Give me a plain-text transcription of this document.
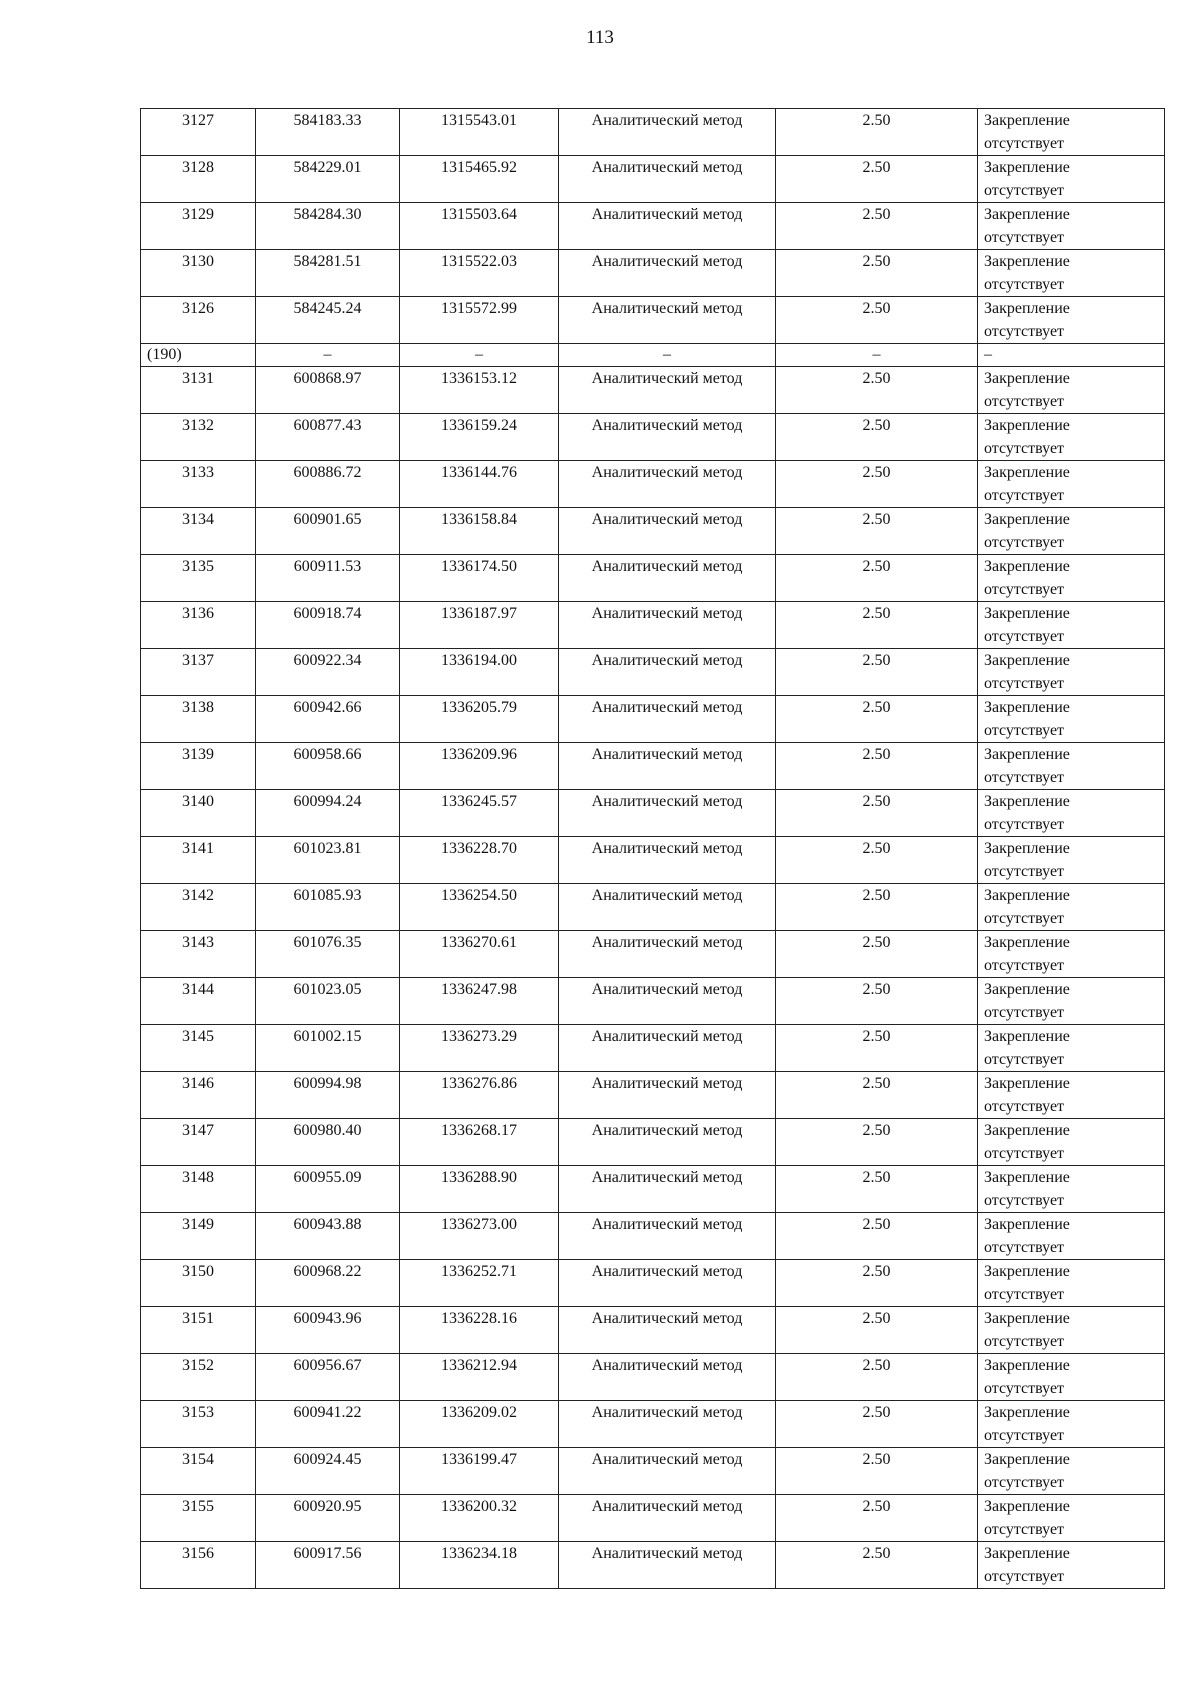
113
3127	584183.33	1315543.01	Аналитический метод	2.50	Закрепление
отсутствует

3128	584229.01	1315465.92	Аналитический метод	2.50	Закрепление
отсутствует

3129	584284.30	1315503.64	Аналитический метод	2.50	Закрепление
отсутствует

3130	584281.51	1315522.03	Аналитический метод	2.50	Закрепление
отсутствует

3126	584245.24	1315572.99	Аналитический метод	2.50	Закрепление
отсутствует

(190)	–	–	–	–	–

3131	600868.97	1336153.12	Аналитический метод	2.50	Закрепление
отсутствует

3132	600877.43	1336159.24	Аналитический метод	2.50	Закрепление
отсутствует

3133	600886.72	1336144.76	Аналитический метод	2.50	Закрепление
отсутствует

3134	600901.65	1336158.84	Аналитический метод	2.50	Закрепление
отсутствует

3135	600911.53	1336174.50	Аналитический метод	2.50	Закрепление
отсутствует

3136	600918.74	1336187.97	Аналитический метод	2.50	Закрепление
отсутствует

3137	600922.34	1336194.00	Аналитический метод	2.50	Закрепление
отсутствует

3138	600942.66	1336205.79	Аналитический метод	2.50	Закрепление
отсутствует

3139	600958.66	1336209.96	Аналитический метод	2.50	Закрепление
отсутствует

3140	600994.24	1336245.57	Аналитический метод	2.50	Закрепление
отсутствует

3141	601023.81	1336228.70	Аналитический метод	2.50	Закрепление
отсутствует

3142	601085.93	1336254.50	Аналитический метод	2.50	Закрепление
отсутствует

3143	601076.35	1336270.61	Аналитический метод	2.50	Закрепление
отсутствует

3144	601023.05	1336247.98	Аналитический метод	2.50	Закрепление
отсутствует

3145	601002.15	1336273.29	Аналитический метод	2.50	Закрепление
отсутствует

3146	600994.98	1336276.86	Аналитический метод	2.50	Закрепление
отсутствует

3147	600980.40	1336268.17	Аналитический метод	2.50	Закрепление
отсутствует

3148	600955.09	1336288.90	Аналитический метод	2.50	Закрепление
отсутствует

3149	600943.88	1336273.00	Аналитический метод	2.50	Закрепление
отсутствует

3150	600968.22	1336252.71	Аналитический метод	2.50	Закрепление
отсутствует

3151	600943.96	1336228.16	Аналитический метод	2.50	Закрепление
отсутствует

3152	600956.67	1336212.94	Аналитический метод	2.50	Закрепление
отсутствует

3153	600941.22	1336209.02	Аналитический метод	2.50	Закрепление
отсутствует

3154	600924.45	1336199.47	Аналитический метод	2.50	Закрепление
отсутствует

3155	600920.95	1336200.32	Аналитический метод	2.50	Закрепление
отсутствует

3156	600917.56	1336234.18	Аналитический метод	2.50	Закрепление
отсутствует
